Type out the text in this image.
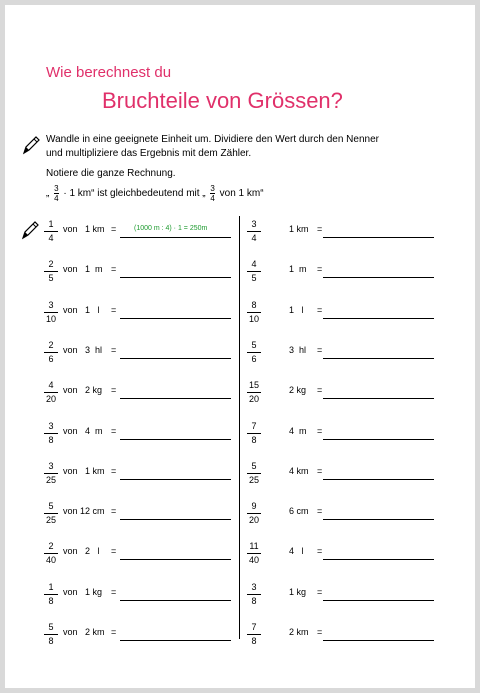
Wie berechnest du
Bruchteile von Grössen?
Wandle in eine geeignete Einheit um. Dividiere den Wert durch den Nenner
und multipliziere das Ergebnis mit dem Zähler.
Notiere die ganze Rechnung.
„ $\frac{3}{4} \cdot 1$ km“ ist gleichbedeutend mit „ $\frac{3}{4}$ von 1 km“
1
4
von   1 km =	(1000 m : 4) · 1 = 250m
2
5
von   1  m =
3
10
von   1   l =
2
6
von   3  hl =
4
20
von   2 kg =
3
8
von   4  m =
3
25
von   1 km =
5
25
von 12 cm =
2
40
von   2   l =
1
8
von   1 kg =
5
8
von   2 km =
3
4
1 km =
4
5
1  m =
8
10
1   l =
5
6
3  hl =
15
20
2 kg =
7
8
4  m =
5
25
4 km =
9
20
6 cm =
11
40
4   l =
3
8
1 kg =
7
8
2 km =
